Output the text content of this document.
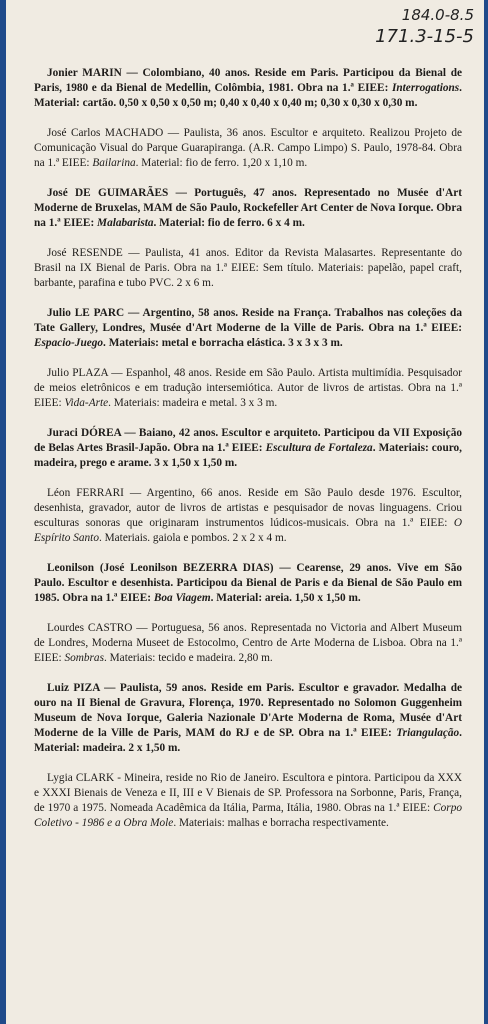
184.0-8.5
171.3-15-5

Jonier MARIN — Colombiano, 40 anos. Reside em Paris. Participou da Bienal de Paris, 1980 e da Bienal de Medellin, Colômbia, 1981. Obra na 1.ª EIEE: Interrogations. Material: cartão. 0,50 x 0,50 x 0,50 m; 0,40 x 0,40 x 0,40 m; 0,30 x 0,30 x 0,30 m.

José Carlos MACHADO — Paulista, 36 anos. Escultor e arquiteto. Realizou Projeto de Comunicação Visual do Parque Guarapiranga. (A.R. Campo Limpo) S. Paulo, 1978-84. Obra na 1.ª EIEE: Bailarina. Material: fio de ferro. 1,20 x 1,10 m.

José DE GUIMARÃES — Português, 47 anos. Representado no Musée d'Art Moderne de Bruxelas, MAM de São Paulo, Rockefeller Art Center de Nova Iorque. Obra na 1.ª EIEE: Malabarista. Material: fio de ferro. 6 x 4 m.

José RESENDE — Paulista, 41 anos. Editor da Revista Malasartes. Representante do Brasil na IX Bienal de Paris. Obra na 1.ª EIEE: Sem título. Materiais: papelão, papel craft, barbante, parafina e tubo PVC. 2 x 6 m.

Julio LE PARC — Argentino, 58 anos. Reside na França. Trabalhos nas coleções da Tate Gallery, Londres, Musée d'Art Moderne de la Ville de Paris. Obra na 1.ª EIEE: Espacio-Juego. Materiais: metal e borracha elástica. 3 x 3 x 3 m.

Julio PLAZA — Espanhol, 48 anos. Reside em São Paulo. Artista multimídia. Pesquisador de meios eletrônicos e em tradução intersemiótica. Autor de livros de artistas. Obra na 1.ª EIEE: Vida-Arte. Materiais: madeira e metal. 3 x 3 m.

Juraci DÓREA — Baiano, 42 anos. Escultor e arquiteto. Participou da VII Exposição de Belas Artes Brasil-Japão. Obra na 1.ª EIEE: Escultura de Fortaleza. Materiais: couro, madeira, prego e arame. 3 x 1,50 x 1,50 m.

Léon FERRARI — Argentino, 66 anos. Reside em São Paulo desde 1976. Escultor, desenhista, gravador, autor de livros de artistas e pesquisador de novas linguagens. Criou esculturas sonoras que originaram instrumentos lúdicos-musicais. Obra na 1.ª EIEE: O Espírito Santo. Materiais. gaiola e pombos. 2 x 2 x 4 m.

Leonilson (José Leonilson BEZERRA DIAS) — Cearense, 29 anos. Vive em São Paulo. Escultor e desenhista. Participou da Bienal de Paris e da Bienal de São Paulo em 1985. Obra na 1.ª EIEE: Boa Viagem. Material: areia. 1,50 x 1,50 m.

Lourdes CASTRO — Portuguesa, 56 anos. Representada no Victoria and Albert Museum de Londres, Moderna Museet de Estocolmo, Centro de Arte Moderna de Lisboa. Obra na 1.ª EIEE: Sombras. Materiais: tecido e madeira. 2,80 m.

Luiz PIZA — Paulista, 59 anos. Reside em Paris. Escultor e gravador. Medalha de ouro na II Bienal de Gravura, Florença, 1970. Representado no Solomon Guggenheim Museum de Nova Iorque, Galeria Nazionale D'Arte Moderna de Roma, Musée d'Art Moderne de la Ville de Paris, MAM do RJ e de SP. Obra na 1.ª EIEE: Triangulação. Material: madeira. 2 x 1,50 m.

Lygia CLARK - Mineira, reside no Rio de Janeiro. Escultora e pintora. Participou da XXX e XXXI Bienais de Veneza e II, III e V Bienais de SP. Professora na Sorbonne, Paris, França, de 1970 a 1975. Nomeada Acadêmica da Itália, Parma, Itália, 1980. Obras na 1.ª EIEE: Corpo Coletivo - 1986 e a Obra Mole. Materiais: malhas e borracha respectivamente.
